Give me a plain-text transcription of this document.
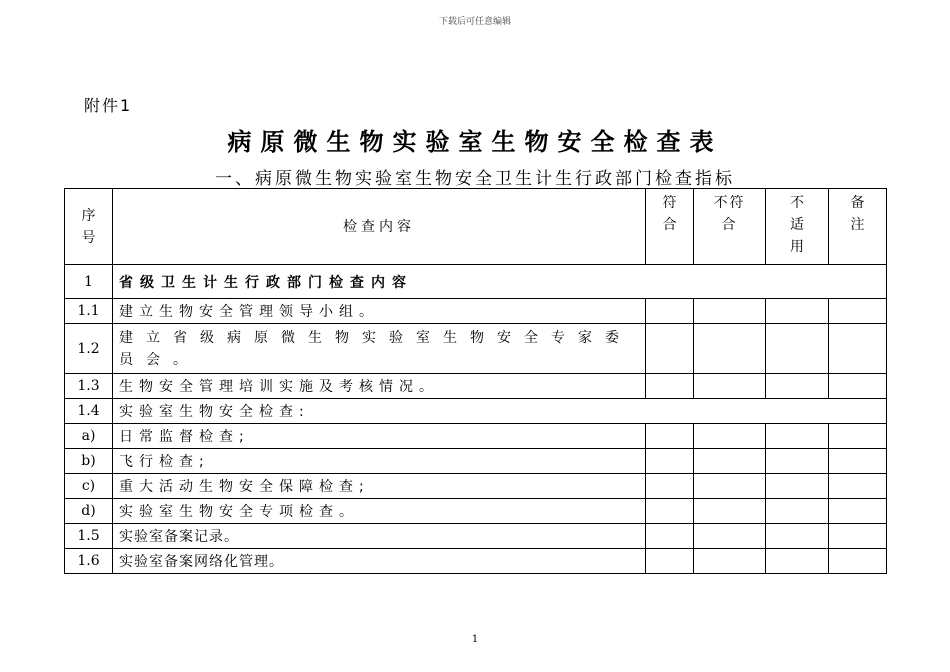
下载后可任意编辑
附件1
病原微生物实验室生物安全检查表
一、病原微生物实验室生物安全卫生计生行政部门检查指标
序号	检查内容	符合	不符合	不适用	备注

1	省级卫生计生行政部门检查内容				
1.1	建立生物安全管理领导小组。				
1.2	建立省级病原微生物实验室生物安全专家委员会。				
1.3	生物安全管理培训实施及考核情况。				
1.4	实验室生物安全检查:				
a)	日常监督检查;				
b)	飞行检查;				
c)	重大活动生物安全保障检查;				
d)	实验室生物安全专项检查。				
1.5	实验室备案记录。				
1.6	实验室备案网络化管理。				
1
